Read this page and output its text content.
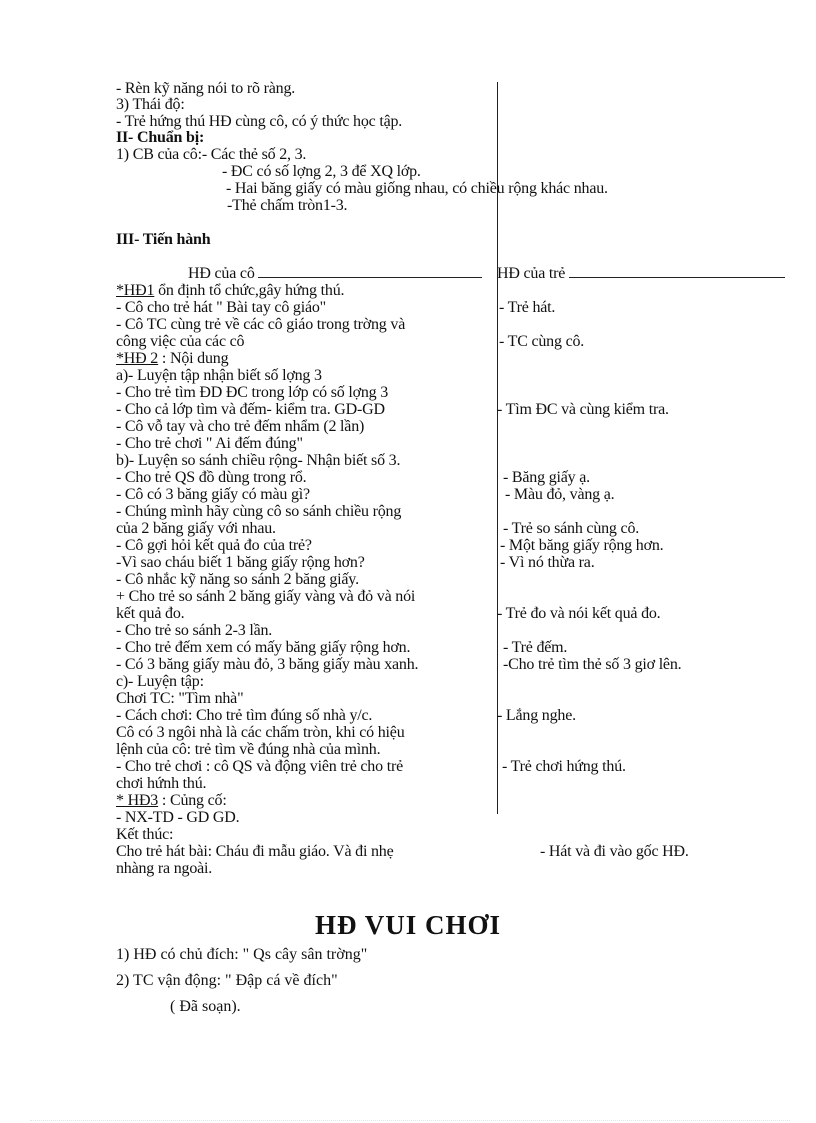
- Rèn kỹ năng nói to rõ ràng.
3) Thái độ:
- Trẻ hứng thú HĐ cùng cô, có ý thức học tập.
II- Chuẩn bị:
1) CB của cô:- Các thẻ số 2, 3.
- ĐC có số lợng 2, 3 để XQ lớp.
- Hai băng giấy có màu giống nhau, có chiều rộng khác nhau.
-Thẻ chấm tròn1-3.
III- Tiến hành
HĐ của cô	HĐ của trẻ
*HĐ1 ổn định tổ chức,gây hứng thú.
- Cô cho trẻ hát " Bài tay cô giáo"
- Cô TC cùng trẻ về các cô giáo trong trờng và
công việc của các cô
*HĐ 2 : Nội dung
a)- Luyện tập nhận biết số lợng 3
- Cho trẻ tìm ĐD ĐC trong lớp có số lợng 3
- Cho cả lớp tìm và đếm- kiểm tra. GD-GD
- Cô vỗ tay và cho trẻ đếm nhẩm (2 lần)
- Cho trẻ chơi " Ai đếm đúng"
b)- Luyện so sánh chiều rộng- Nhận biết số 3.
- Cho trẻ QS đồ dùng trong rổ.
- Cô có 3 băng giấy có màu gì?
- Chúng mình hãy cùng cô so sánh chiều rộng
của 2 băng giấy với nhau.
- Cô gợi hỏi kết quả đo của trẻ?
-Vì sao cháu biết 1 băng giấy rộng hơn?
- Cô nhắc kỹ năng so sánh 2 băng giấy.
+ Cho trẻ so sánh 2 băng giấy vàng và đỏ và nói
kết quả đo.
- Cho trẻ so sánh 2-3 lần.
- Cho trẻ đếm xem có mấy băng giấy rộng hơn.
- Có 3 băng giấy màu đỏ, 3 băng giấy màu xanh.
c)- Luyện tập:
Chơi TC: "Tìm nhà"
- Cách chơi: Cho trẻ tìm đúng số nhà y/c.
Cô có 3 ngôi nhà là các chấm tròn, khi có hiệu
lệnh của cô: trẻ tìm về đúng nhà của mình.
- Cho trẻ chơi : cô QS và động viên trẻ cho trẻ
chơi hứnh thú.
* HĐ3 : Củng cố:
- NX-TD - GD GD.
Kết thúc:
Cho trẻ hát bài: Cháu đi mẫu giáo. Và đi nhẹ
nhàng ra ngoài.
- Trẻ hát.
- TC cùng cô.
- Tìm ĐC và cùng kiểm tra.
- Băng giấy ạ.
- Màu đỏ, vàng ạ.
- Trẻ so sánh cùng cô.
- Một băng giấy rộng hơn.
- Vì nó thừa ra.
- Trẻ đo và nói kết quả đo.
- Trẻ đếm.
-Cho trẻ tìm thẻ số 3 giơ lên.
- Lắng nghe.
- Trẻ chơi hứng thú.
- Hát và đi vào gốc HĐ.
HĐ VUI CHƠI
1) HĐ có chủ đích: " Qs cây sân trờng"
2) TC vận động: " Đập cá về đích"
( Đã soạn).
